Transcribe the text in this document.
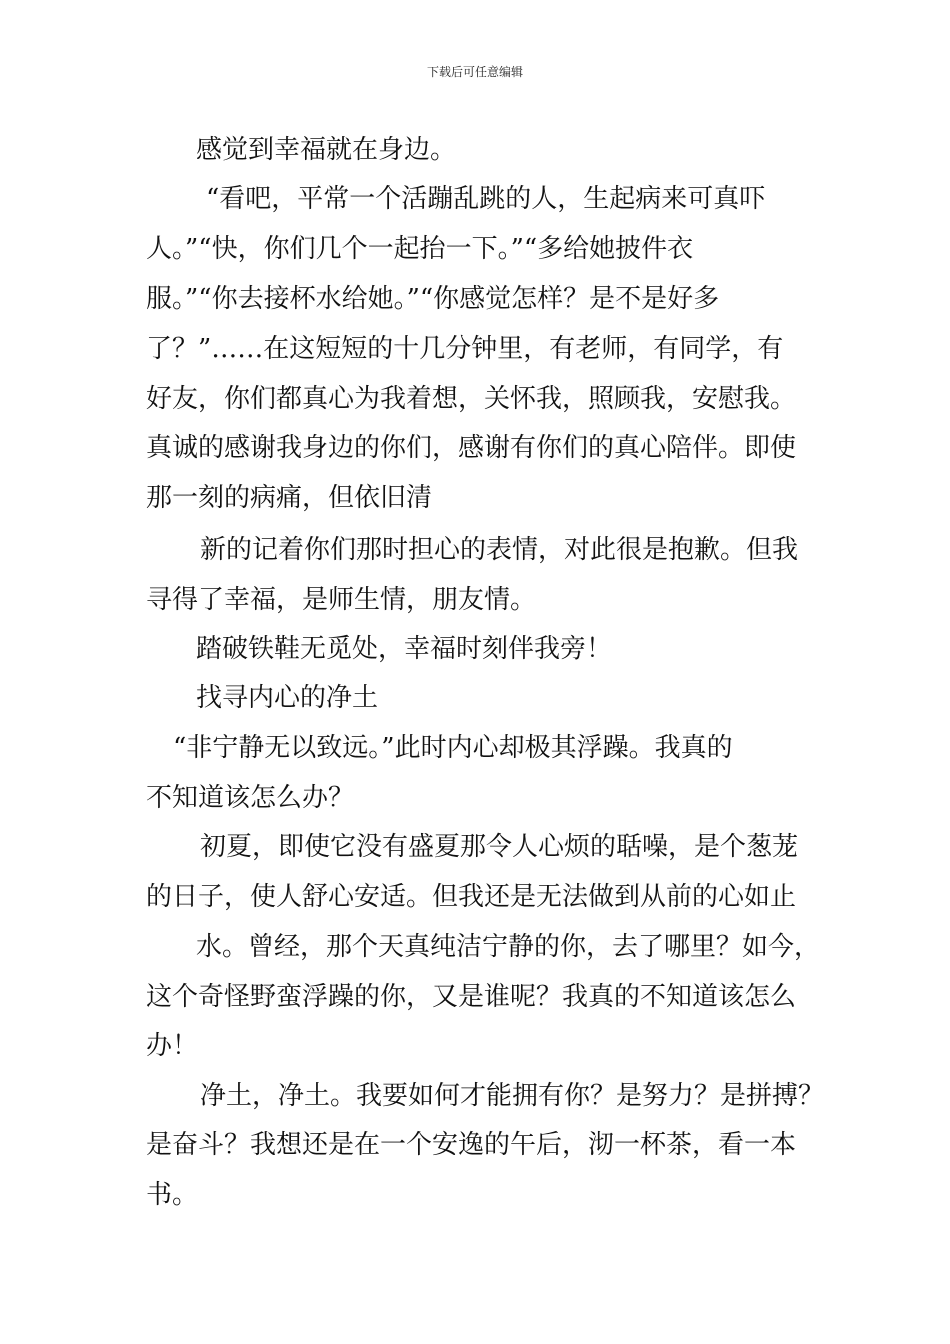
下载后可任意编辑
感觉到幸福就在身边。
“看吧，平常一个活蹦乱跳的人，生起病来可真吓
人。”“快，你们几个一起抬一下。”“多给她披件衣
服。”“你去接杯水给她。”“你感觉怎样？是不是好多
了？”……在这短短的十几分钟里，有老师，有同学，有
好友，你们都真心为我着想，关怀我，照顾我，安慰我。
真诚的感谢我身边的你们，感谢有你们的真心陪伴。即使
那一刻的病痛，但依旧清
新的记着你们那时担心的表情，对此很是抱歉。但我
寻得了幸福，是师生情，朋友情。
踏破铁鞋无觅处，幸福时刻伴我旁！
找寻内心的净土
“非宁静无以致远。”此时内心却极其浮躁。我真的
不知道该怎么办？
初夏，即使它没有盛夏那令人心烦的聒噪，是个葱茏
的日子，使人舒心安适。但我还是无法做到从前的心如止
水。曾经，那个天真纯洁宁静的你，去了哪里？如今，
这个奇怪野蛮浮躁的你，又是谁呢？我真的不知道该怎么
办！
净土，净土。我要如何才能拥有你？是努力？是拼搏？
是奋斗？我想还是在一个安逸的午后，沏一杯茶，看一本
书。
